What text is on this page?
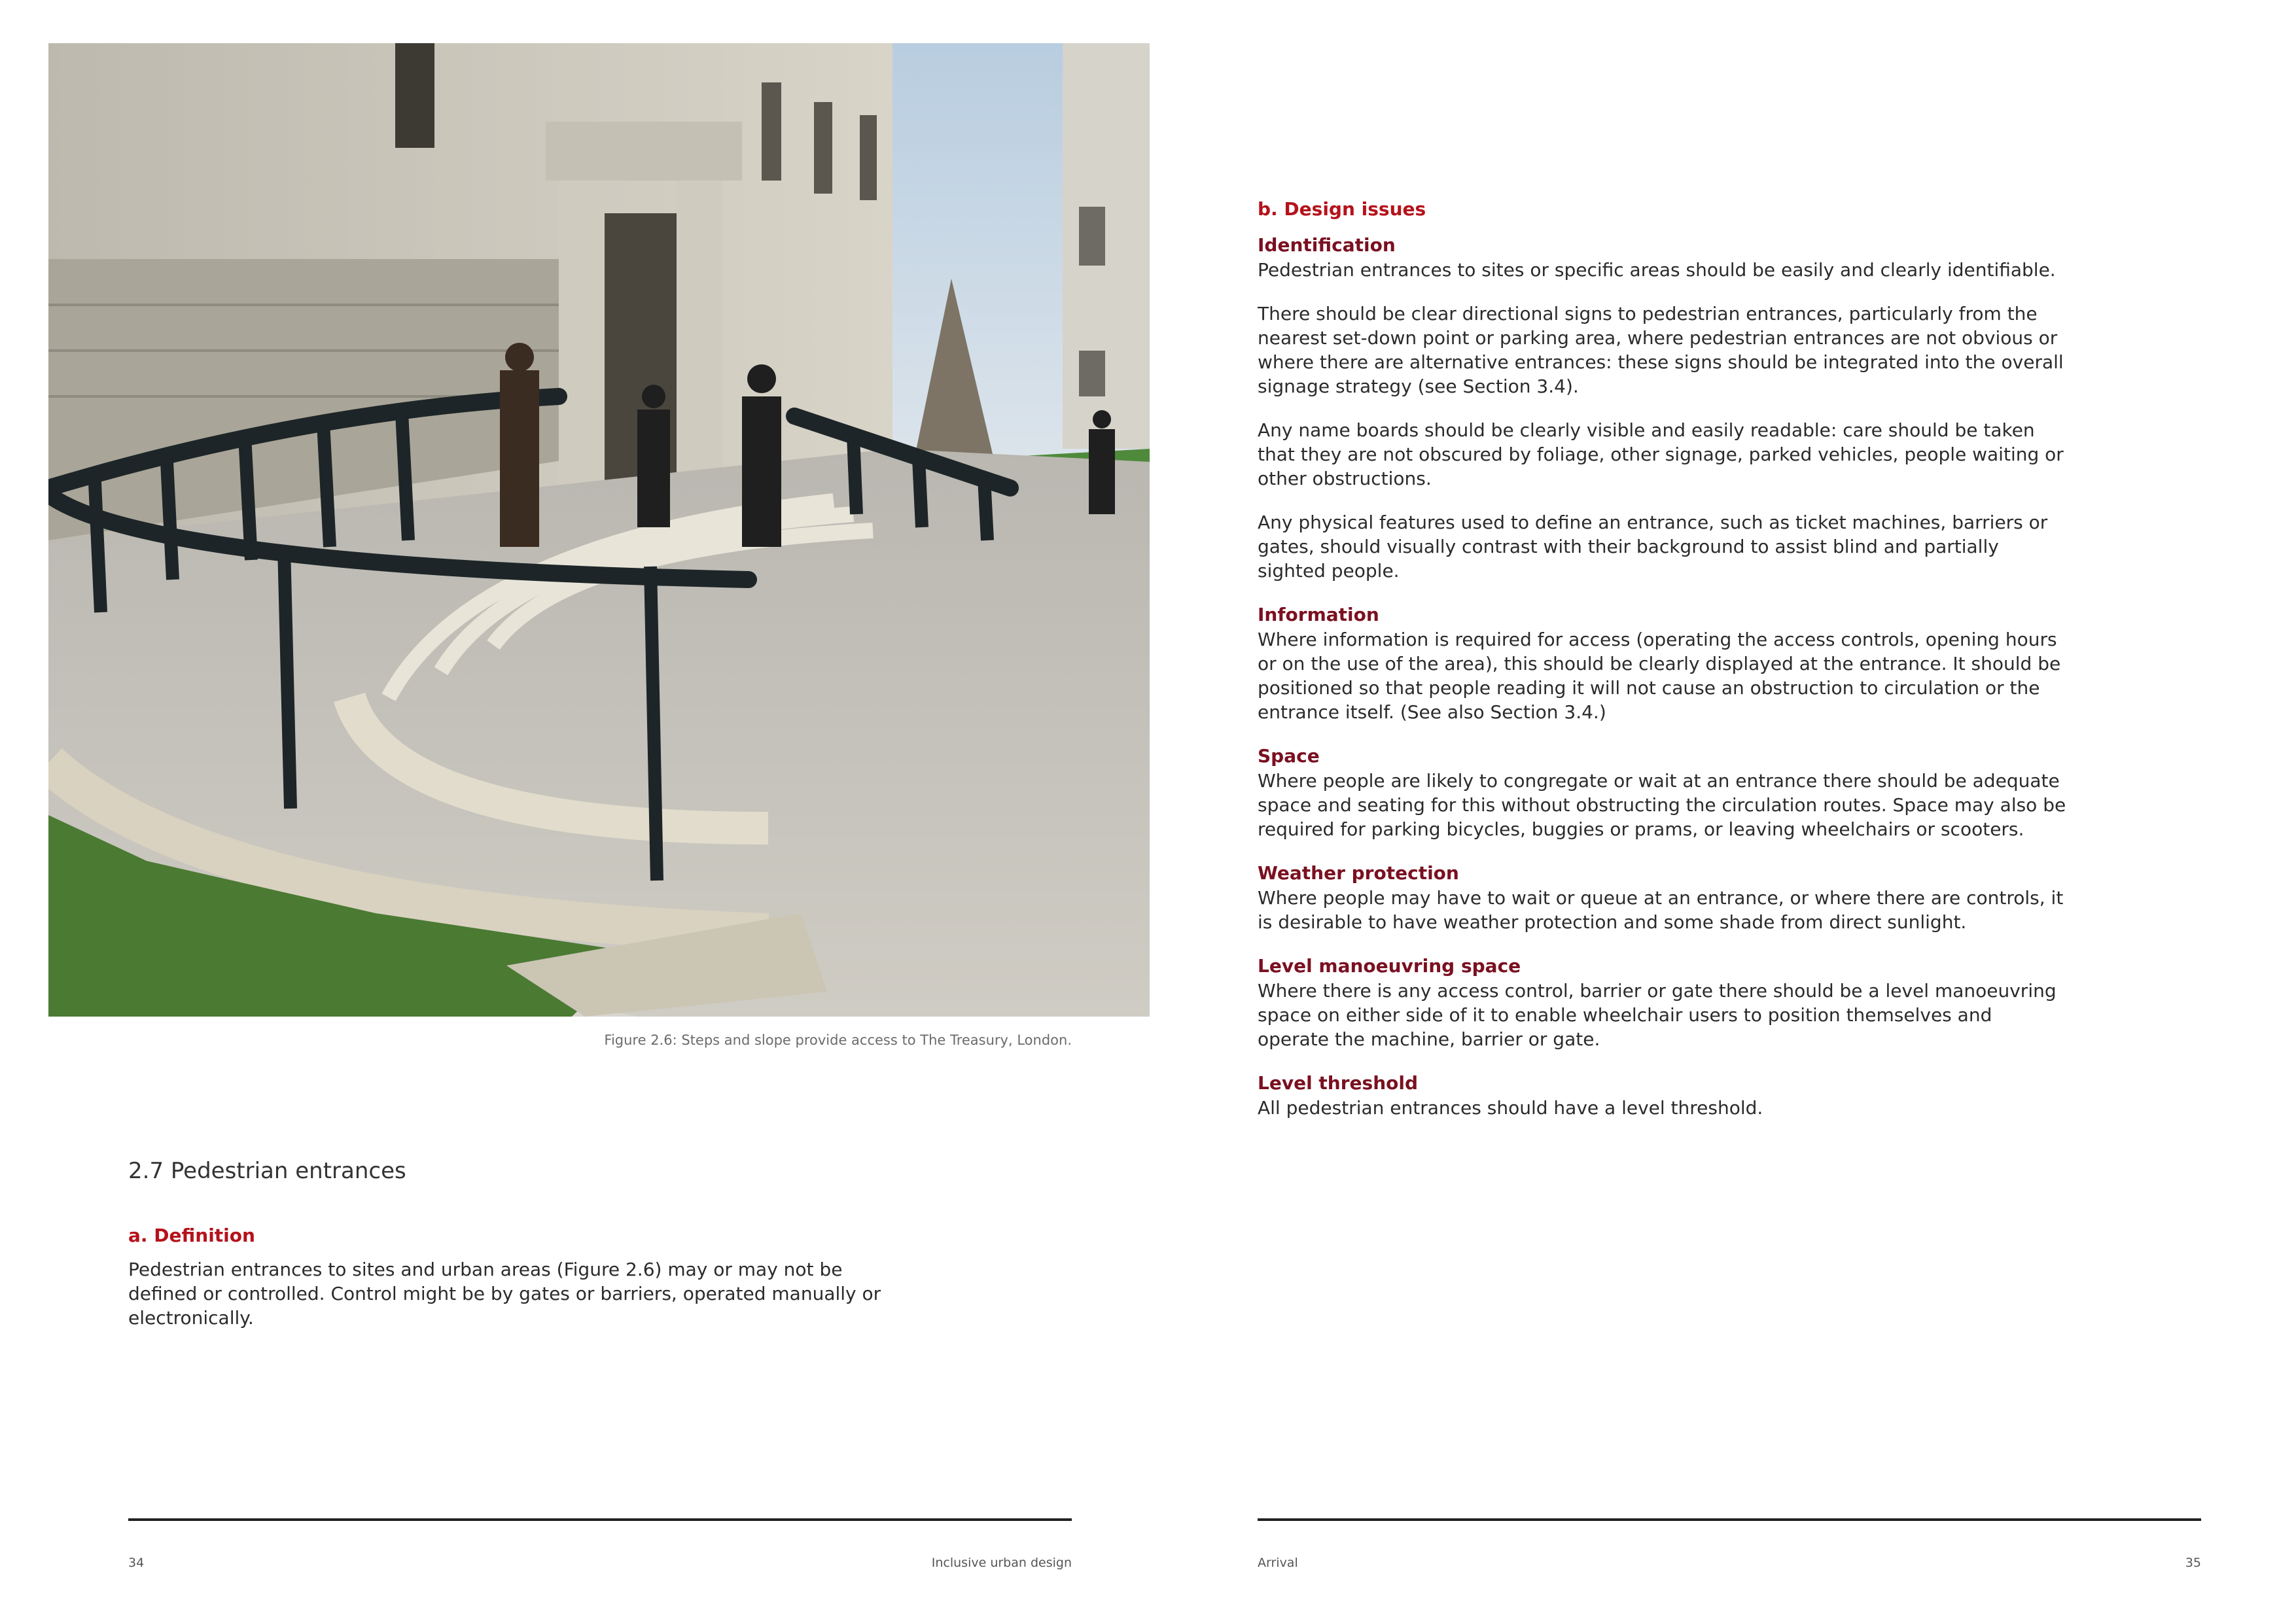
Figure 2.6: Steps and slope provide access to The Treasury, London.
2.7 Pedestrian entrances
a. Definition
Pedestrian entrances to sites and urban areas (Figure 2.6) may or may not be defined or controlled. Control might be by gates or barriers, operated manually or electronically.
34	Inclusive urban design
b. Design issues
Identification

Pedestrian entrances to sites or specific areas should be easily and clearly identifiable.

There should be clear directional signs to pedestrian entrances, particularly from the nearest set-down point or parking area, where pedestrian entrances are not obvious or where there are alternative entrances: these signs should be integrated into the overall signage strategy (see Section 3.4).

Any name boards should be clearly visible and easily readable: care should be taken that they are not obscured by foliage, other signage, parked vehicles, people waiting or other obstructions.

Any physical features used to define an entrance, such as ticket machines, barriers or gates, should visually contrast with their background to assist blind and partially sighted people.

Information

Where information is required for access (operating the access controls, opening hours or on the use of the area), this should be clearly displayed at the entrance. It should be positioned so that people reading it will not cause an obstruction to circulation or the entrance itself. (See also Section 3.4.)

Space

Where people are likely to congregate or wait at an entrance there should be adequate space and seating for this without obstructing the circulation routes. Space may also be required for parking bicycles, buggies or prams, or leaving wheelchairs or scooters.

Weather protection

Where people may have to wait or queue at an entrance, or where there are controls, it is desirable to have weather protection and some shade from direct sunlight.

Level manoeuvring space

Where there is any access control, barrier or gate there should be a level manoeuvring space on either side of it to enable wheelchair users to position themselves and operate the machine, barrier or gate.

Level threshold

All pedestrian entrances should have a level threshold.

Arrival	35
